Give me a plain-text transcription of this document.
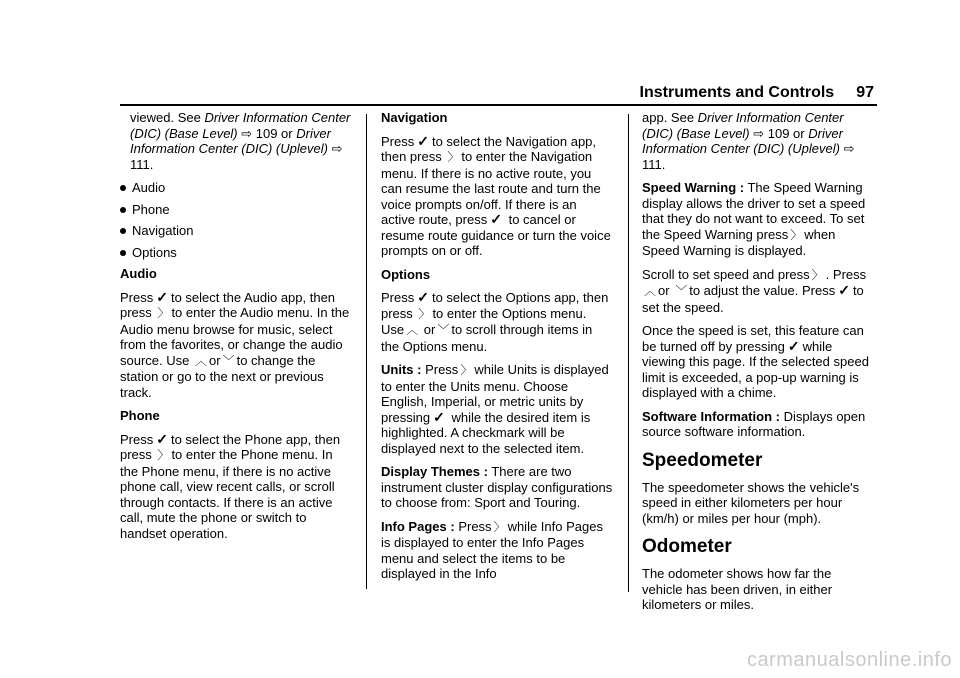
Instruments and Controls 97

viewed. See Driver Information Center (DIC) (Base Level) ⇨ 109 or Driver Information Center (DIC) (Uplevel) ⇨ 111.

Audio
Phone
Navigation
Options

Audio

Press ✓ to select the Audio app, then press 〉 to enter the Audio menu. In the Audio menu browse for music, select from the favorites, or change the audio source. Use ︿ or ﹀ to change the station or go to the next or previous track.

Phone

Press ✓ to select the Phone app, then press 〉 to enter the Phone menu. In the Phone menu, if there is no active phone call, view recent calls, or scroll through contacts. If there is an active call, mute the phone or switch to handset operation.

Navigation

Press ✓ to select the Navigation app, then press 〉 to enter the Navigation menu. If there is no active route, you can resume the last route and turn the voice prompts on/off. If there is an active route, press ✓ to cancel or resume route guidance or turn the voice prompts on or off.

Options

Press ✓ to select the Options app, then press 〉 to enter the Options menu. Use ︿ or ﹀ to scroll through items in the Options menu.

Units : Press 〉 while Units is displayed to enter the Units menu. Choose English, Imperial, or metric units by pressing ✓ while the desired item is highlighted. A checkmark will be displayed next to the selected item.

Display Themes : There are two instrument cluster display configurations to choose from: Sport and Touring.

Info Pages : Press 〉 while Info Pages is displayed to enter the Info Pages menu and select the items to be displayed in the Info

app. See Driver Information Center (DIC) (Base Level) ⇨ 109 or Driver Information Center (DIC) (Uplevel) ⇨ 111.

Speed Warning : The Speed Warning display allows the driver to set a speed that they do not want to exceed. To set the Speed Warning press 〉 when Speed Warning is displayed.

Scroll to set speed and press 〉 . Press︿ or ﹀ to adjust the value. Press ✓ to set the speed.

Once the speed is set, this feature can be turned off by pressing ✓ while viewing this page. If the selected speed limit is exceeded, a pop-up warning is displayed with a chime.

Software Information : Displays open source software information.

Speedometer

The speedometer shows the vehicle's speed in either kilometers per hour (km/h) or miles per hour (mph).

Odometer

The odometer shows how far the vehicle has been driven, in either kilometers or miles.

carmanualsonline.info
